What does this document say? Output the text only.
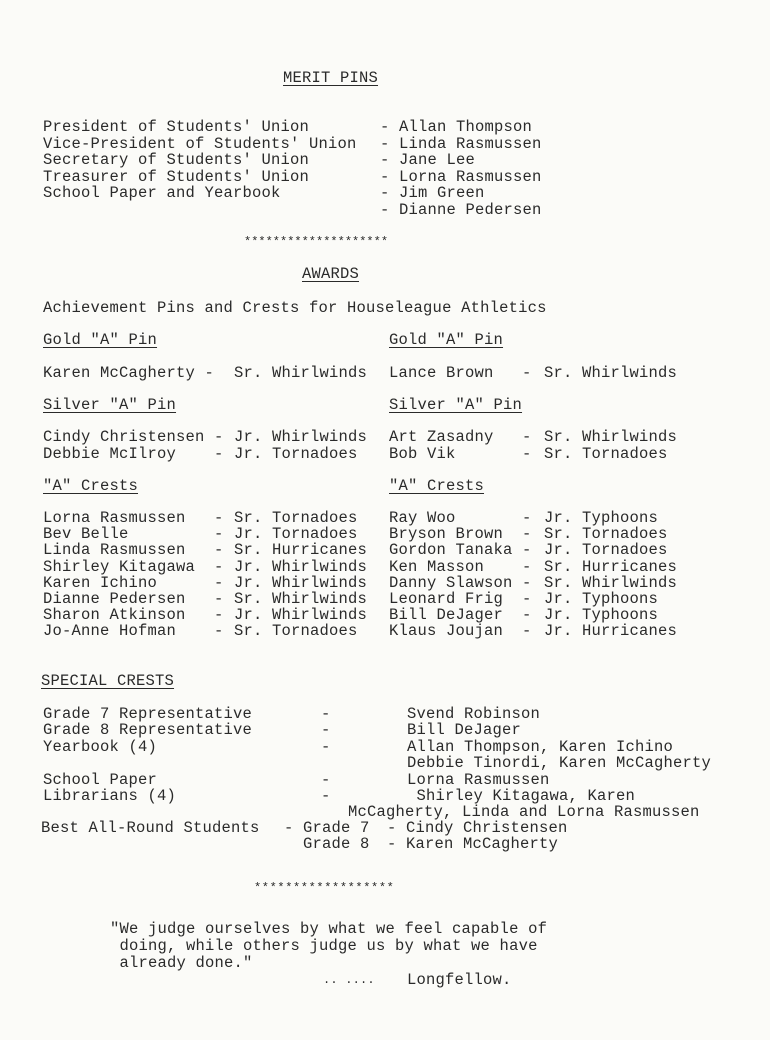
MERIT PINS
President of Students' Union	- Allan Thompson
Vice-President of Students' Union - Linda Rasmussen
Secretary of Students' Union	- Jane Lee
Treasurer of Students' Union	- Lorna Rasmussen
School Paper and Yearbook	- Jim Green
- Dianne Pedersen
********************
AWARDS
Achievement Pins and Crests for Houseleague Athletics
Gold "A" Pin
Karen McCagherty - Sr. Whirlwinds
Silver "A" Pin
Cindy Christensen - Jr. Whirlwinds
Debbie McIlroy    - Jr. Tornadoes
"A" Crests
Lorna Rasmussen   - Sr. Tornadoes
Bev Belle         - Jr. Tornadoes
Linda Rasmussen   - Sr. Hurricanes
Shirley Kitagawa  - Jr. Whirlwinds
Karen Ichino      - Jr. Whirlwinds
Dianne Pedersen   - Sr. Whirlwinds
Sharon Atkinson   - Jr. Whirlwinds
Jo-Anne Hofman    - Sr. Tornadoes
Gold "A" Pin
Lance Brown   - Sr. Whirlwinds
Silver "A" Pin
Art Zasadny   - Sr. Whirlwinds
Bob Vik       - Sr. Tornadoes
"A" Crests
Ray Woo       - Jr. Typhoons
Bryson Brown  - Sr. Tornadoes
Gordon Tanaka - Jr. Tornadoes
Ken Masson    - Sr. Hurricanes
Danny Slawson - Sr. Whirlwinds
Leonard Frig  - Jr. Typhoons
Bill DeJager  - Jr. Typhoons
Klaus Joujan  - Jr. Hurricanes
SPECIAL CRESTS
Grade 7 Representative	-	Svend Robinson
Grade 8 Representative	-	Bill DeJager
Yearbook (4)	-	Allan Thompson, Karen Ichino
Debbie Tinordi, Karen McCagherty
School Paper	-	Lorna Rasmussen
Librarians (4)	-	Shirley Kitagawa, Karen
McCagherty, Linda and Lorna Rasmussen
Best All-Round Students - Grade 7 - Cindy Christensen
Grade 8 - Karen McCagherty
******************
"We judge ourselves by what we feel capable of
doing, while others judge us by what we have
already done."
.. .... Longfellow.
